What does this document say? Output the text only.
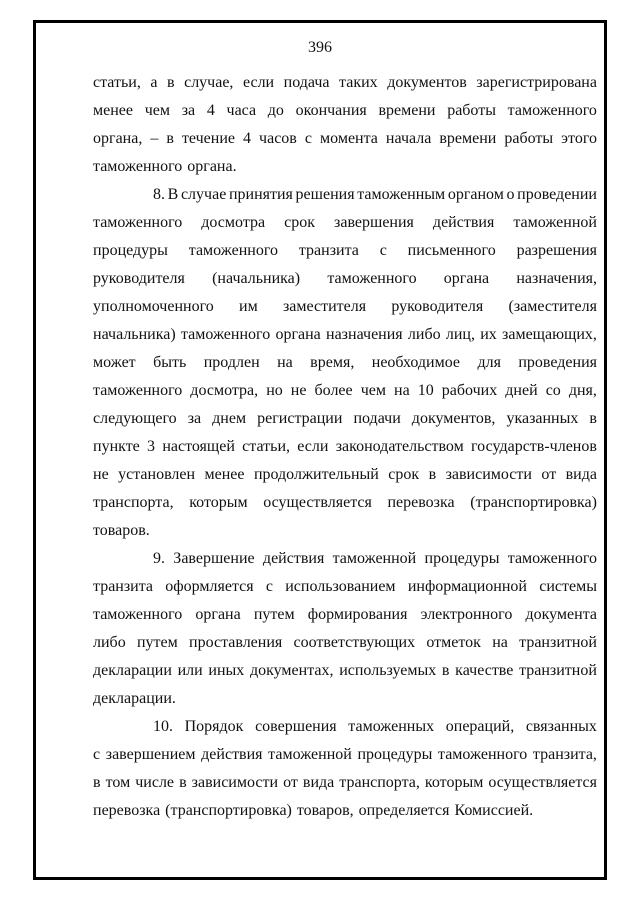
396
статьи, а в случае, если подача таких документов зарегистрирована
менее чем за 4 часа до окончания времени работы таможенного
органа, – в течение 4 часов с момента начала времени работы этого
таможенного органа.
8. В случае принятия решения таможенным органом о проведении
таможенного досмотра срок завершения действия таможенной
процедуры таможенного транзита с письменного разрешения
руководителя (начальника) таможенного органа назначения,
уполномоченного им заместителя руководителя (заместителя
начальника) таможенного органа назначения либо лиц, их замещающих,
может быть продлен на время, необходимое для проведения
таможенного досмотра, но не более чем на 10 рабочих дней со дня,
следующего за днем регистрации подачи документов, указанных в
пункте 3 настоящей статьи, если законодательством государств-членов
не установлен менее продолжительный срок в зависимости от вида
транспорта, которым осуществляется перевозка (транспортировка)
товаров.
9. Завершение действия таможенной процедуры таможенного
транзита оформляется с использованием информационной системы
таможенного органа путем формирования электронного документа
либо путем проставления соответствующих отметок на транзитной
декларации или иных документах, используемых в качестве транзитной
декларации.
10. Порядок совершения таможенных операций, связанных
с завершением действия таможенной процедуры таможенного транзита,
в том числе в зависимости от вида транспорта, которым осуществляется
перевозка (транспортировка) товаров, определяется Комиссией.
